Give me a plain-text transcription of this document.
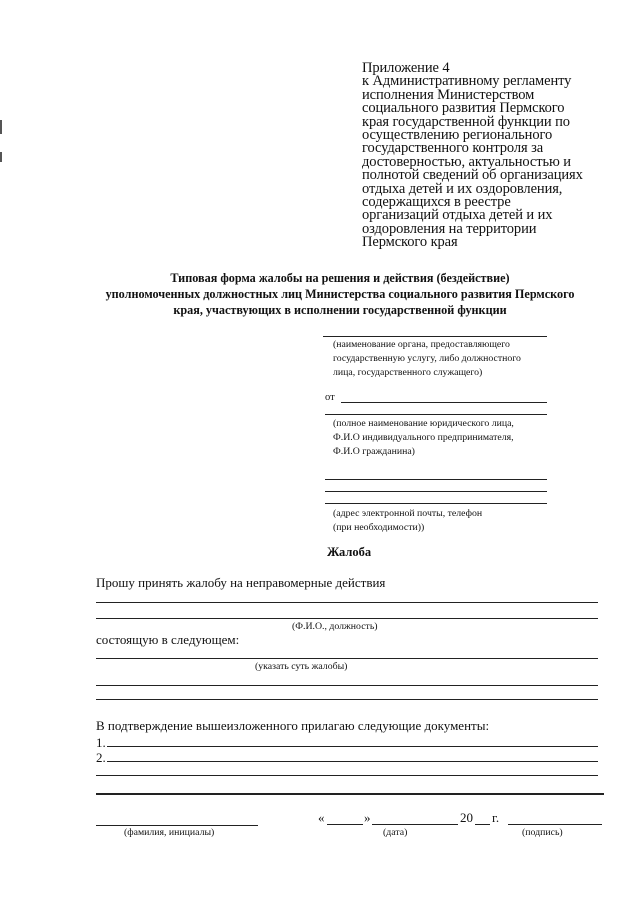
Приложение 4
к Административному регламенту
исполнения Министерством
социального развития Пермского
края государственной функции по
осуществлению регионального
государственного контроля за
достоверностью, актуальностью и
полнотой сведений об организациях
отдыха детей и их оздоровления,
содержащихся в реестре
организаций отдыха детей и их
оздоровления на территории
Пермского края
Типовая форма жалобы на решения и действия (бездействие)
уполномоченных должностных лиц Министерства социального развития Пермского
края, участвующих в исполнении государственной функции
(наименование органа, предоставляющего
государственную услугу, либо должностного
лица, государственного служащего)
от
(полное наименование юридического лица,
Ф.И.О индивидуального предпринимателя,
Ф.И.О гражданина)
(адрес электронной почты, телефон
(при необходимости))
Жалоба
Прошу принять жалобу на неправомерные действия
(Ф.И.О., должность)
состоящую в следующем:
(указать суть жалобы)
В подтверждение вышеизложенного прилагаю следующие документы:
1.
2.
(фамилия, инициалы)
«	»	20 г.
(дата)	(подпись)
